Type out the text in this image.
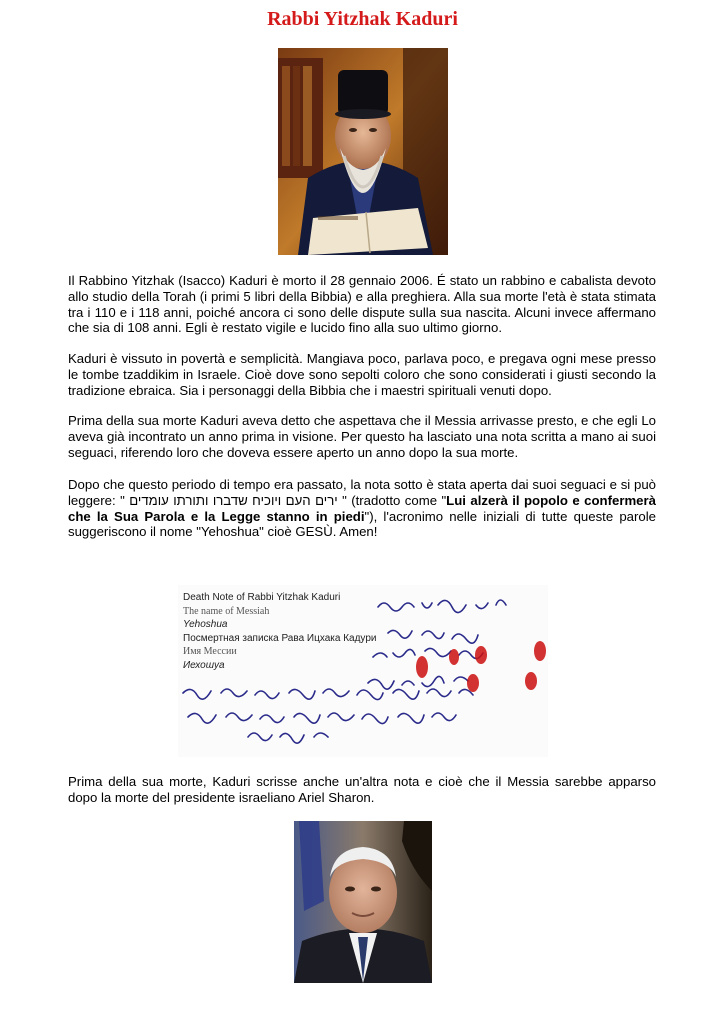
Rabbi Yitzhak Kaduri
Il Rabbino Yitzhak (Isacco) Kaduri è morto il 28 gennaio 2006. É stato un rabbino e cabalista devoto allo studio della Torah (i primi 5 libri della Bibbia) e alla preghiera. Alla sua morte l'età è stata stimata tra i 110 e i 118 anni, poiché ancora ci sono delle dispute sulla sua nascita. Alcuni invece affermano che sia di 108 anni. Egli è restato vigile e lucido fino alla suo ultimo giorno.
Kaduri è vissuto in povertà e semplicità. Mangiava poco, parlava poco, e pregava ogni mese presso le tombe tzaddikim in Israele. Cioè dove sono sepolti coloro che sono considerati i giusti secondo la tradizione ebraica. Sia i personaggi della Bibbia che i maestri spirituali venuti dopo.
Prima della sua morte Kaduri aveva detto che aspettava che il Messia arrivasse presto, e che egli Lo aveva già incontrato un anno prima in visione. Per questo ha lasciato una nota scritta a mano ai suoi seguaci, riferendo loro che doveva essere aperto un anno dopo la sua morte.
Dopo che questo periodo di tempo era passato, la nota sotto è stata aperta dai suoi seguaci e si può leggere: " ירים העם ויוכיח שדברו ותורתו עומדים " (tradotto come "Lui alzerà il popolo e confermerà che la Sua Parola e la Legge stanno in piedi"), l'acronimo nelle iniziali di tutte queste parole suggeriscono il nome "Yehoshua" cioè GESÙ. Amen!
Death Note of Rabbi Yitzhak Kaduri
The name of Messiah
Yehoshua
Посмертная записка Рава Ицхака Кадури
Имя Мессии
Иехошуа
Prima della sua morte, Kaduri scrisse anche un'altra nota e cioè che il Messia sarebbe apparso dopo la morte del presidente israeliano Ariel Sharon.
